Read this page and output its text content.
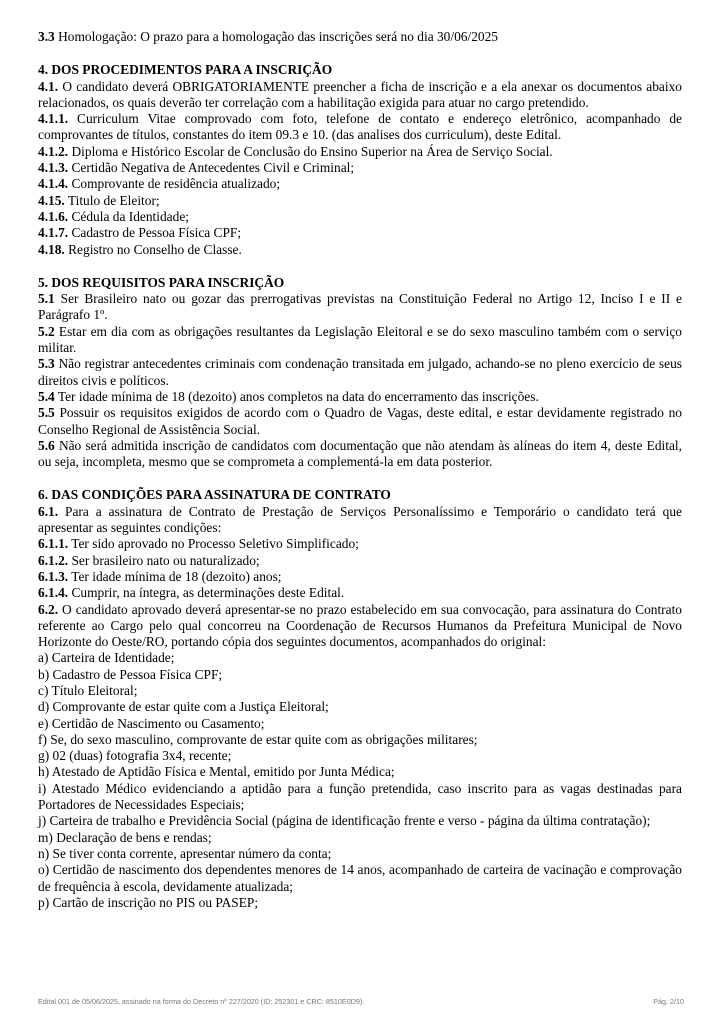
3.3 Homologação: O prazo para a homologação das inscrições será no dia 30/06/2025

4. DOS PROCEDIMENTOS PARA A INSCRIÇÃO

4.1. O candidato deverá OBRIGATORIAMENTE preencher a ficha de inscrição e a ela anexar os documentos abaixo relacionados, os quais deverão ter correlação com a habilitação exigida para atuar no cargo pretendido.

4.1.1. Curriculum Vitae comprovado com foto, telefone de contato e endereço eletrônico, acompanhado de comprovantes de títulos, constantes do item 09.3 e 10. (das analises dos curriculum), deste Edital.

4.1.2. Diploma e Histórico Escolar de Conclusão do Ensino Superior na Área de Serviço Social.

4.1.3. Certidão Negativa de Antecedentes Civil e Criminal;

4.1.4. Comprovante de residência atualizado;

4.15. Titulo de Eleitor;

4.1.6. Cédula da Identidade;

4.1.7. Cadastro de Pessoa Física CPF;

4.18. Registro no Conselho de Classe.

5. DOS REQUISITOS PARA INSCRIÇÃO

5.1 Ser Brasileiro nato ou gozar das prerrogativas previstas na Constituição Federal no Artigo 12, Inciso I e II e Parágrafo 1º.

5.2 Estar em dia com as obrigações resultantes da Legislação Eleitoral e se do sexo masculino também com o serviço militar.

5.3 Não registrar antecedentes criminais com condenação transitada em julgado, achando-se no pleno exercício de seus direitos civis e políticos.

5.4 Ter idade mínima de 18 (dezoito) anos completos na data do encerramento das inscrições.

5.5 Possuir os requisitos exigidos de acordo com o Quadro de Vagas, deste edital, e estar devidamente registrado no Conselho Regional de Assistência Social.

5.6 Não será admitida inscrição de candidatos com documentação que não atendam às alíneas do item 4, deste Edital, ou seja, incompleta, mesmo que se comprometa a complementá-la em data posterior.

6. DAS CONDIÇÕES PARA ASSINATURA DE CONTRATO

6.1. Para a assinatura de Contrato de Prestação de Serviços Personalíssimo e Temporário o candidato terá que apresentar as seguintes condições:

6.1.1. Ter sido aprovado no Processo Seletivo Simplificado;

6.1.2. Ser brasileiro nato ou naturalizado;

6.1.3. Ter idade mínima de 18 (dezoito) anos;

6.1.4. Cumprir, na íntegra, as determinações deste Edital.

6.2. O candidato aprovado deverá apresentar-se no prazo estabelecido em sua convocação, para assinatura do Contrato referente ao Cargo pelo qual concorreu na Coordenação de Recursos Humanos da Prefeitura Municipal de Novo Horizonte do Oeste/RO, portando cópia dos seguintes documentos, acompanhados do original:

a) Carteira de Identidade;

b) Cadastro de Pessoa Física CPF;

c) Título Eleitoral;

d) Comprovante de estar quite com a Justiça Eleitoral;

e) Certidão de Nascimento ou Casamento;

f) Se, do sexo masculino, comprovante de estar quite com as obrigações militares;

g) 02 (duas) fotografia 3x4, recente;

h) Atestado de Aptidão Física e Mental, emitido por Junta Médica;

i) Atestado Médico evidenciando a aptidão para a função pretendida, caso inscrito para as vagas destinadas para Portadores de Necessidades Especiais;

j) Carteira de trabalho e Previdência Social (página de identificação frente e verso - página da última contratação);

m) Declaração de bens e rendas;

n) Se tiver conta corrente, apresentar número da conta;

o) Certidão de nascimento dos dependentes menores de 14 anos, acompanhado de carteira de vacinação e comprovação de frequência à escola, devidamente atualizada;

p) Cartão de inscrição no PIS ou PASEP;

Edital 001 de 05/06/2025, assinado na forma do Decreto nº 227/2020 (ID: 252301 e CRC: 8510E0D9).	Pág. 2/10
